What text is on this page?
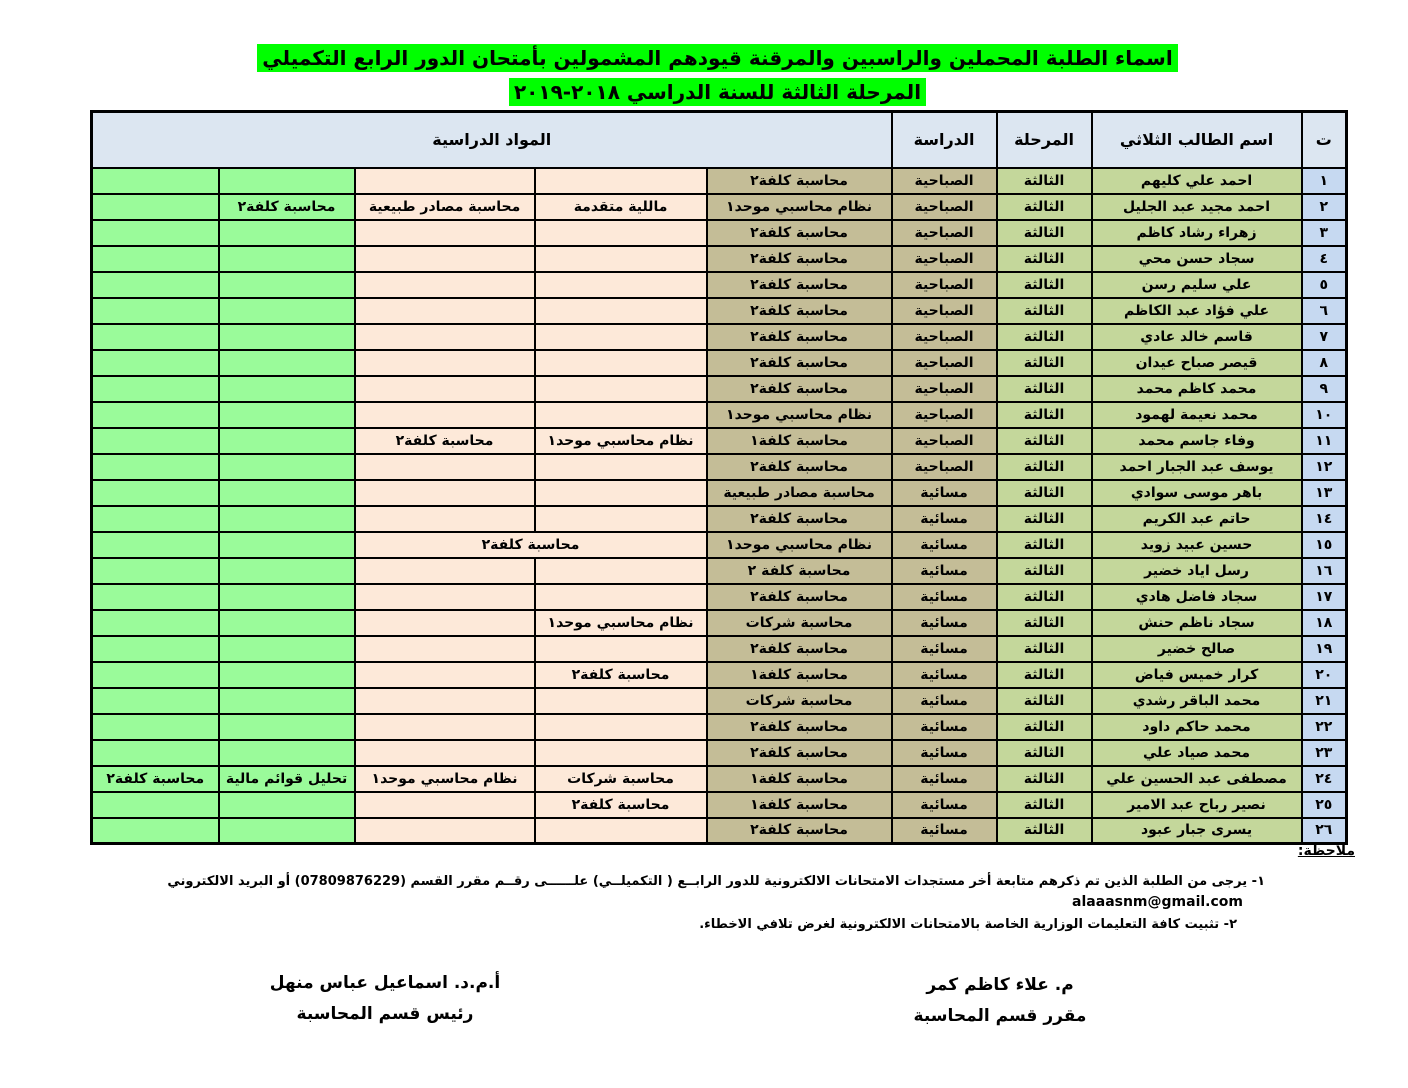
اسماء الطلبة المحملين والراسبين والمرقنة قيودهم المشمولين بأمتحان الدور الرابع التكميلي
المرحلة الثالثة للسنة الدراسي ٢٠١٨-٢٠١٩
ت	اسم الطالب الثلاثي	المرحلة	الدراسة	المواد الدراسية				
١	احمد علي كليهم	الثالثة	الصباحية	محاسبة كلفة٢				
٢	احمد مجيد عبد الجليل	الثالثة	الصباحية	نظام محاسبي موحد١	ماللية متقدمة	محاسبة مصادر طبيعية	محاسبة كلفة٢	
٣	زهراء رشاد كاظم	الثالثة	الصباحية	محاسبة كلفة٢				
٤	سجاد حسن محي	الثالثة	الصباحية	محاسبة كلفة٢				
٥	علي سليم رسن	الثالثة	الصباحية	محاسبة كلفة٢				
٦	علي فؤاد عبد الكاظم	الثالثة	الصباحية	محاسبة كلفة٢				
٧	قاسم خالد عادي	الثالثة	الصباحية	محاسبة كلفة٢				
٨	قيصر صباح عيدان	الثالثة	الصباحية	محاسبة كلفة٢				
٩	محمد كاظم محمد	الثالثة	الصباحية	محاسبة كلفة٢				
١٠	محمد نعيمة لهمود	الثالثة	الصباحية	نظام محاسبي موحد١				
١١	وفاء جاسم محمد	الثالثة	الصباحية	محاسبة كلفة١	نظام محاسبي موحد١	محاسبة كلفة٢		
١٢	يوسف عبد الجبار احمد	الثالثة	الصباحية	محاسبة كلفة٢				
١٣	باهر موسى سوادي	الثالثة	مسائية	محاسبة مصادر طبيعية				
١٤	حاتم عبد الكريم	الثالثة	مسائية	محاسبة كلفة٢				
١٥	حسين عبيد زويد	الثالثة	مسائية	نظام محاسبي موحد١	محاسبة كلفة٢			
١٦	رسل اياد خضير	الثالثة	مسائية	محاسبة كلفة ٢				
١٧	سجاد فاضل هادي	الثالثة	مسائية	محاسبة كلفة٢				
١٨	سجاد ناظم حنش	الثالثة	مسائية	محاسبة شركات	نظام محاسبي موحد١			
١٩	صالح خضير	الثالثة	مسائية	محاسبة كلفة٢				
٢٠	كرار خميس فياض	الثالثة	مسائية	محاسبة كلفة١	محاسبة كلفة٢			
٢١	محمد الباقر رشدي	الثالثة	مسائية	محاسبة شركات				
٢٢	محمد حاكم داود	الثالثة	مسائية	محاسبة كلفة٢				
٢٣	محمد صياد علي	الثالثة	مسائية	محاسبة كلفة٢				
٢٤	مصطفى عبد الحسين علي	الثالثة	مسائية	محاسبة كلفة١	محاسبة شركات	نظام محاسبي موحد١	تحليل قوائم مالية	محاسبة كلفة٢
٢٥	نصير رباح عبد الامير	الثالثة	مسائية	محاسبة كلفة١	محاسبة كلفة٢			
٢٦	يسرى جبار عبود	الثالثة	مسائية	محاسبة كلفة٢				
ملاحظة:
١- يرجى من الطلبة الذين تم ذكرهم متابعة أخر مستجدات الامتحانات الالكترونية للدور الرابــع ( التكميلــي) علــــــى رقــم مقرر القسم (07809876229) أو البريد الالكتروني
alaaasnm@gmail.com
٢- تثبيت كافة التعليمات الوزارية الخاصة بالامتحانات الالكترونية لغرض تلافي الاخطاء.
م. علاء كاظم كمر
مقرر قسم المحاسبة
أ.م.د. اسماعيل عباس منهل
رئيس قسم المحاسبة
